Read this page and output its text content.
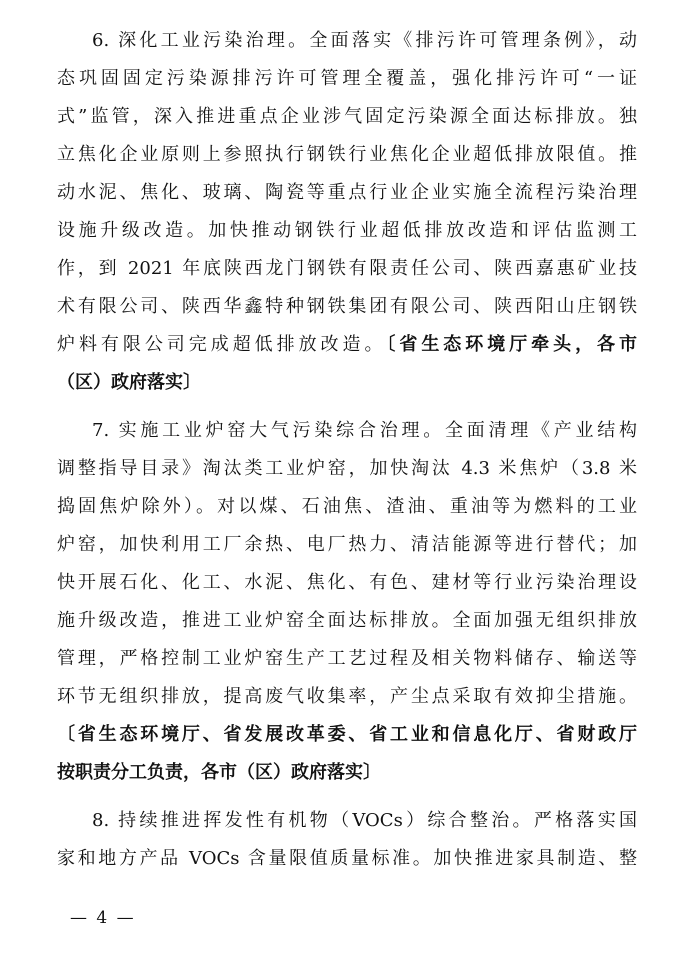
6. 深化工业污染治理。全面落实《排污许可管理条例》，动
态巩固固定污染源排污许可管理全覆盖，强化排污许可“一证
式”监管，深入推进重点企业涉气固定污染源全面达标排放。独
立焦化企业原则上参照执行钢铁行业焦化企业超低排放限值。推
动水泥、焦化、玻璃、陶瓷等重点行业企业实施全流程污染治理
设施升级改造。加快推动钢铁行业超低排放改造和评估监测工
作，到 2021 年底陕西龙门钢铁有限责任公司、陕西嘉惠矿业技
术有限公司、陕西华鑫特种钢铁集团有限公司、陕西阳山庄钢铁
炉料有限公司完成超低排放改造。〔省生态环境厅牵头，各市
（区）政府落实〕
7. 实施工业炉窑大气污染综合治理。全面清理《产业结构
调整指导目录》淘汰类工业炉窑，加快淘汰 4.3 米焦炉（3.8 米
捣固焦炉除外）。对以煤、石油焦、渣油、重油等为燃料的工业
炉窑，加快利用工厂余热、电厂热力、清洁能源等进行替代；加
快开展石化、化工、水泥、焦化、有色、建材等行业污染治理设
施升级改造，推进工业炉窑全面达标排放。全面加强无组织排放
管理，严格控制工业炉窑生产工艺过程及相关物料储存、输送等
环节无组织排放，提高废气收集率，产尘点采取有效抑尘措施。
〔省生态环境厅、省发展改革委、省工业和信息化厅、省财政厅
按职责分工负责，各市（区）政府落实〕
8. 持续推进挥发性有机物（VOCs）综合整治。严格落实国
家和地方产品 VOCs 含量限值质量标准。加快推进家具制造、整
— 4 —
